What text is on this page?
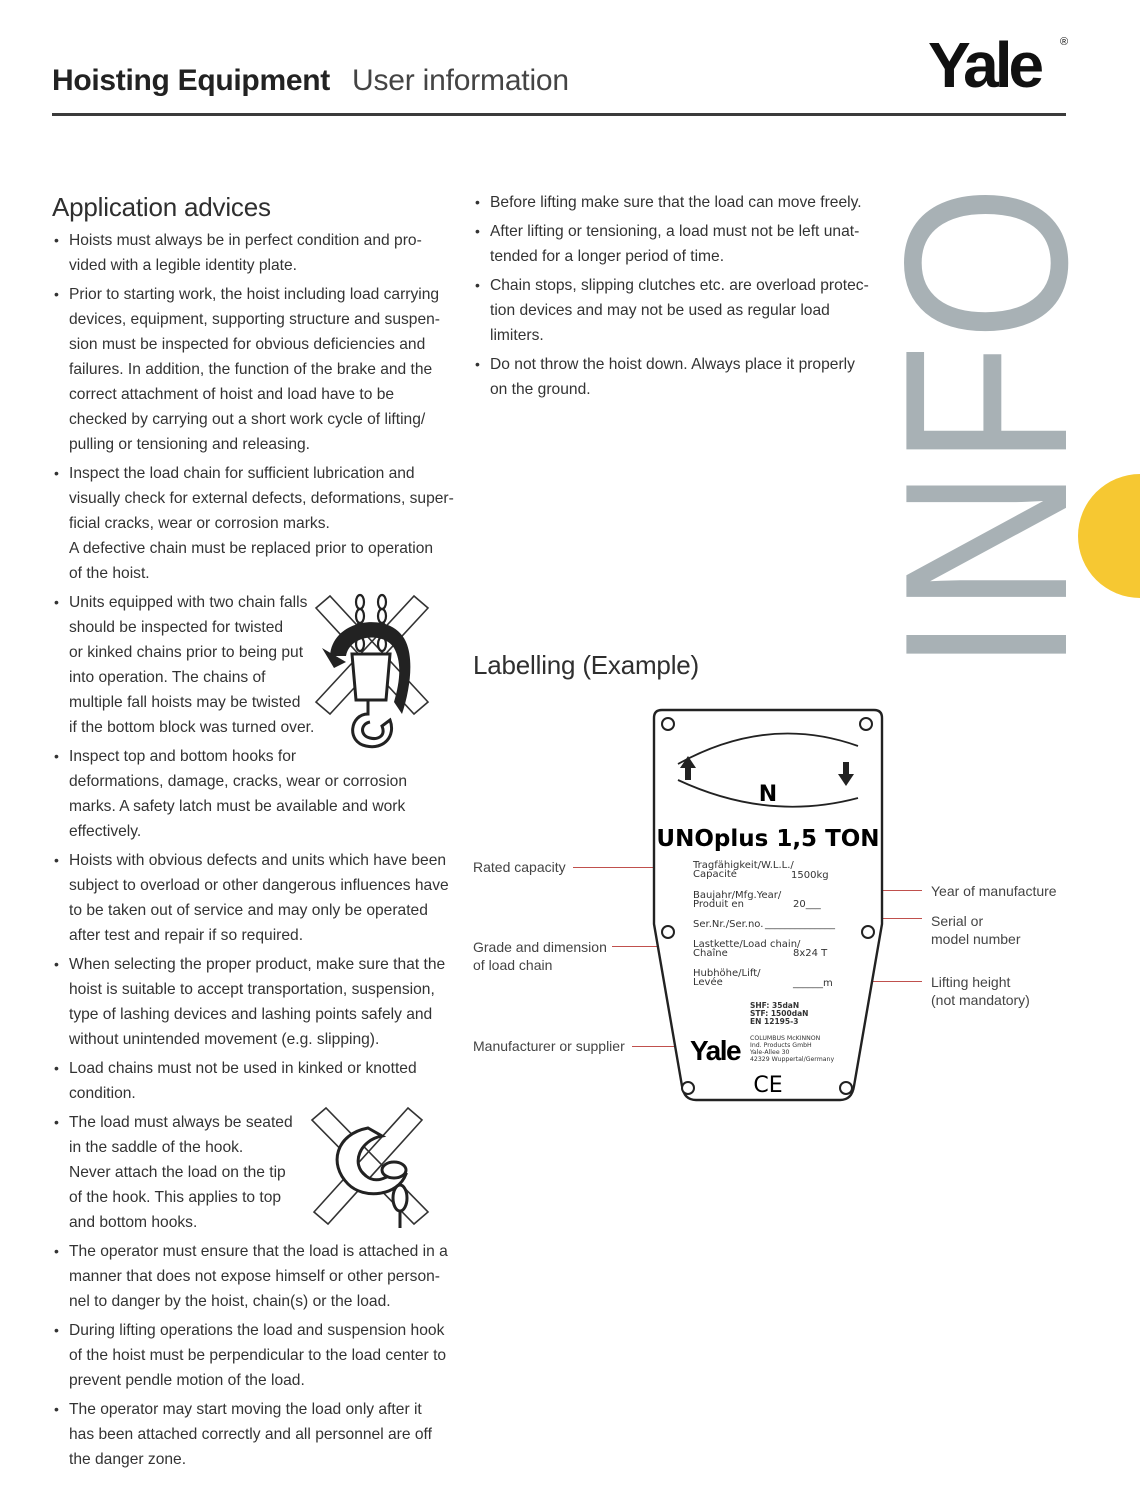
Hoisting Equipment User information	Yale ®
INFO
Application advices
• Hoists must always be in perfect condition and pro-
vided with a legible identity plate.
• Prior to starting work, the hoist including load carrying
devices, equipment, supporting structure and suspen-
sion must be inspected for obvious deficiencies and
failures. In addition, the function of the brake and the
correct attachment of hoist and load have to be
checked by carrying out a short work cycle of lifting/
pulling or tensioning and releasing.
• Inspect the load chain for sufficient lubrication and
visually check for external defects, deformations, super-
ficial cracks, wear or corrosion marks.
A defective chain must be replaced prior to operation
of the hoist.
• Units equipped with two chain falls
should be inspected for twisted
or kinked chains prior to being put
into operation. The chains of
multiple fall hoists may be twisted
if the bottom block was turned over.
• Inspect top and bottom hooks for
deformations, damage, cracks, wear or corrosion
marks. A safety latch must be available and work
effectively.
• Hoists with obvious defects and units which have been
subject to overload or other dangerous influences have
to be taken out of service and may only be operated
after test and repair if so required.
• When selecting the proper product, make sure that the
hoist is suitable to accept transportation, suspension,
type of lashing devices and lashing points safely and
without unintended movement (e.g. slipping).
• Load chains must not be used in kinked or knotted
condition.
• The load must always be seated
in the saddle of the hook.
Never attach the load on the tip
of the hook. This applies to top
and bottom hooks.
• The operator must ensure that the load is attached in a
manner that does not expose himself or other person-
nel to danger by the hoist, chain(s) or the load.
• During lifting operations the load and suspension hook
of the hoist must be perpendicular to the load center to
prevent pendle motion of the load.
• The operator may start moving the load only after it
has been attached correctly and all personnel are off
the danger zone.
• Before lifting make sure that the load can move freely.
• After lifting or tensioning, a load must not be left unat-
tended for a longer period of time.
• Chain stops, slipping clutches etc. are overload protec-
tion devices and may not be used as regular load
limiters.
• Do not throw the hoist down. Always place it properly
on the ground.
Labelling (Example)
Rated capacity
Grade and dimension
of load chain
Manufacturer or supplier
Year of manufacture
Serial or
model number
Lifting height
(not mandatory)
N
UNOplus 1,5 TON
Tragfähigkeit/W.L.L./
Capacité	1500kg
Baujahr/Mfg.Year/
Produit en	20___
Ser.Nr./Ser.no. ______________
Lastkette/Load chain/
Chaîne	8x24 T
Hubhöhe/Lift/
Levée	______m
SHF: 35daN
STF: 1500daN
EN 12195-3
Yale COLUMBUS McKINNON
Ind. Products GmbH
Yale-Allee 30
42329 Wuppertal/Germany
CE
